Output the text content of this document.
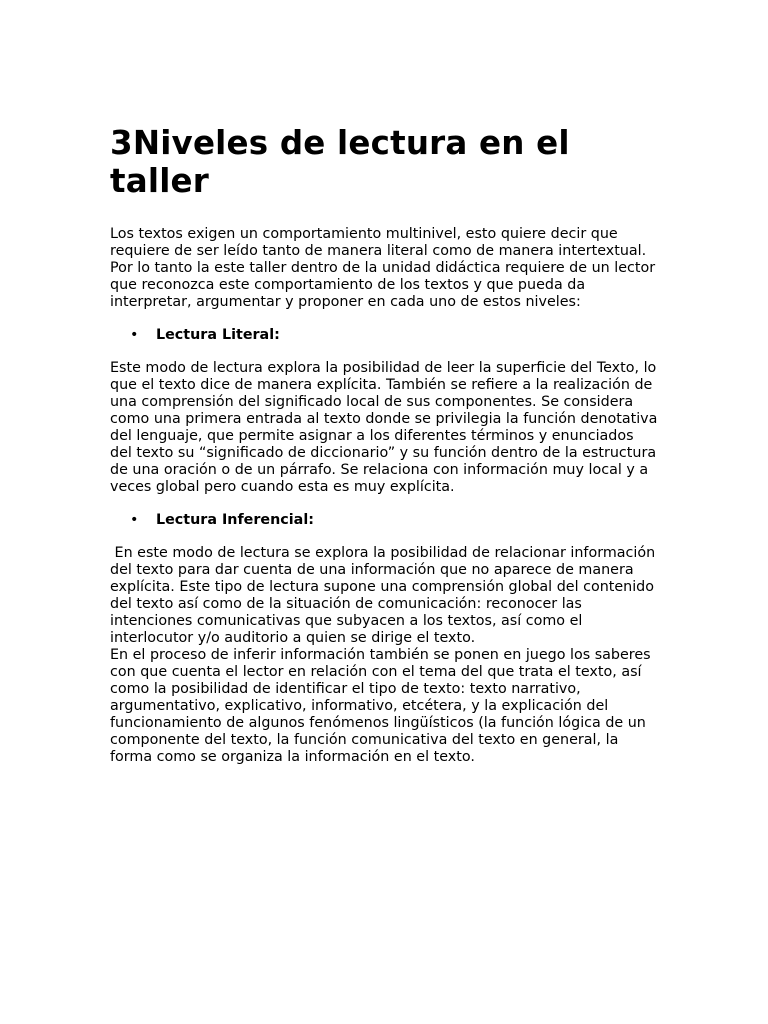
3Niveles de lectura en el taller

Los textos exigen un comportamiento multinivel, esto quiere decir que requiere de ser leído tanto de manera literal como de manera intertextual. Por lo tanto la este taller dentro de la unidad didáctica requiere de un lector que reconozca este comportamiento de los textos y que pueda da interpretar, argumentar y proponer en cada uno de estos niveles:

• Lectura Literal:

Este modo de lectura explora la posibilidad de leer la superficie del Texto, lo que el texto dice de manera explícita. También se refiere a la realización de una comprensión del significado local de sus componentes. Se considera como una primera entrada al texto donde se privilegia la función denotativa del lenguaje, que permite asignar a los diferentes términos y enunciados del texto su “significado de diccionario” y su función dentro de la estructura de una oración o de un párrafo. Se relaciona con información muy local y a veces global pero cuando esta es muy explícita.

• Lectura Inferencial:

En este modo de lectura se explora la posibilidad de relacionar información del texto para dar cuenta de una información que no aparece de manera explícita. Este tipo de lectura supone una comprensión global del contenido del texto así como de la situación de comunicación: reconocer las intenciones comunicativas que subyacen a los textos, así como el interlocutor y/o auditorio a quien se dirige el texto.
En el proceso de inferir información también se ponen en juego los saberes con que cuenta el lector en relación con el tema del que trata el texto, así como la posibilidad de identificar el tipo de texto: texto narrativo, argumentativo, explicativo, informativo, etcétera, y la explicación del funcionamiento de algunos fenómenos lingüísticos (la función lógica de un componente del texto, la función comunicativa del texto en general, la forma como se organiza la información en el texto.
